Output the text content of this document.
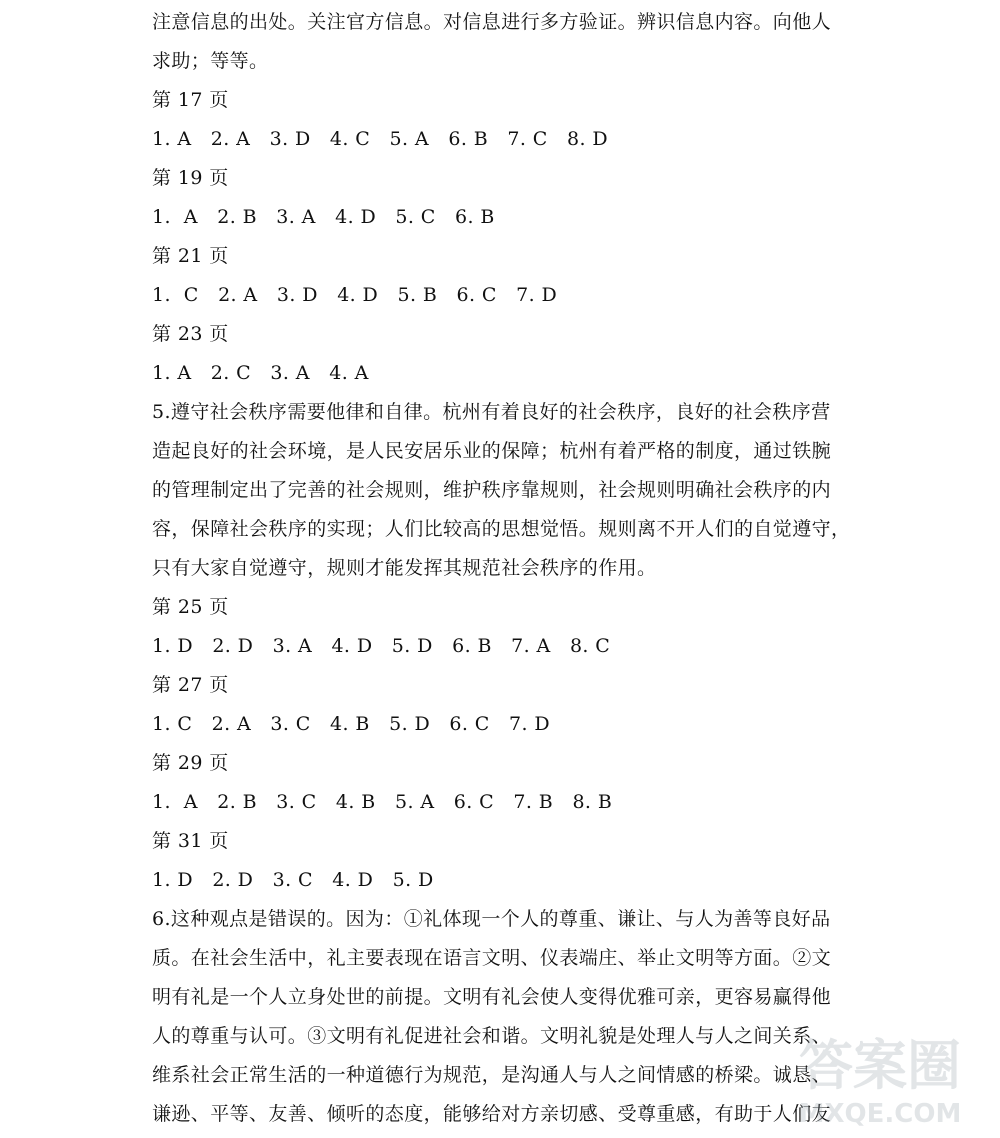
注意信息的出处。关注官方信息。对信息进行多方验证。辨识信息内容。向他人
求助；等等。
第 17 页
1. A   2. A   3. D   4. C   5. A   6. B   7. C   8. D
第 19 页
1.  A   2. B   3. A   4. D   5. C   6. B
第 21 页
1.  C   2. A   3. D   4. D   5. B   6. C   7. D
第 23 页
1. A   2. C   3. A   4. A
5.遵守社会秩序需要他律和自律。杭州有着良好的社会秩序，良好的社会秩序营
造起良好的社会环境，是人民安居乐业的保障；杭州有着严格的制度，通过铁腕
的管理制定出了完善的社会规则，维护秩序靠规则，社会规则明确社会秩序的内
容，保障社会秩序的实现；人们比较高的思想觉悟。规则离不开人们的自觉遵守，
只有大家自觉遵守，规则才能发挥其规范社会秩序的作用。
第 25 页
1. D   2. D   3. A   4. D   5. D   6. B   7. A   8. C
第 27 页
1. C   2. A   3. C   4. B   5. D   6. C   7. D
第 29 页
1.  A   2. B   3. C   4. B   5. A   6. C   7. B   8. B
第 31 页
1. D   2. D   3. C   4. D   5. D
6.这种观点是错误的。因为：①礼体现一个人的尊重、谦让、与人为善等良好品
质。在社会生活中，礼主要表现在语言文明、仪表端庄、举止文明等方面。②文
明有礼是一个人立身处世的前提。文明有礼会使人变得优雅可亲，更容易赢得他
人的尊重与认可。③文明有礼促进社会和谐。文明礼貌是处理人与人之间关系、
维系社会正常生活的一种道德行为规范，是沟通人与人之间情感的桥梁。诚恳、
谦逊、平等、友善、倾听的态度，能够给对方亲切感、受尊重感，有助于人们友
答案圈
MXQE.COM
